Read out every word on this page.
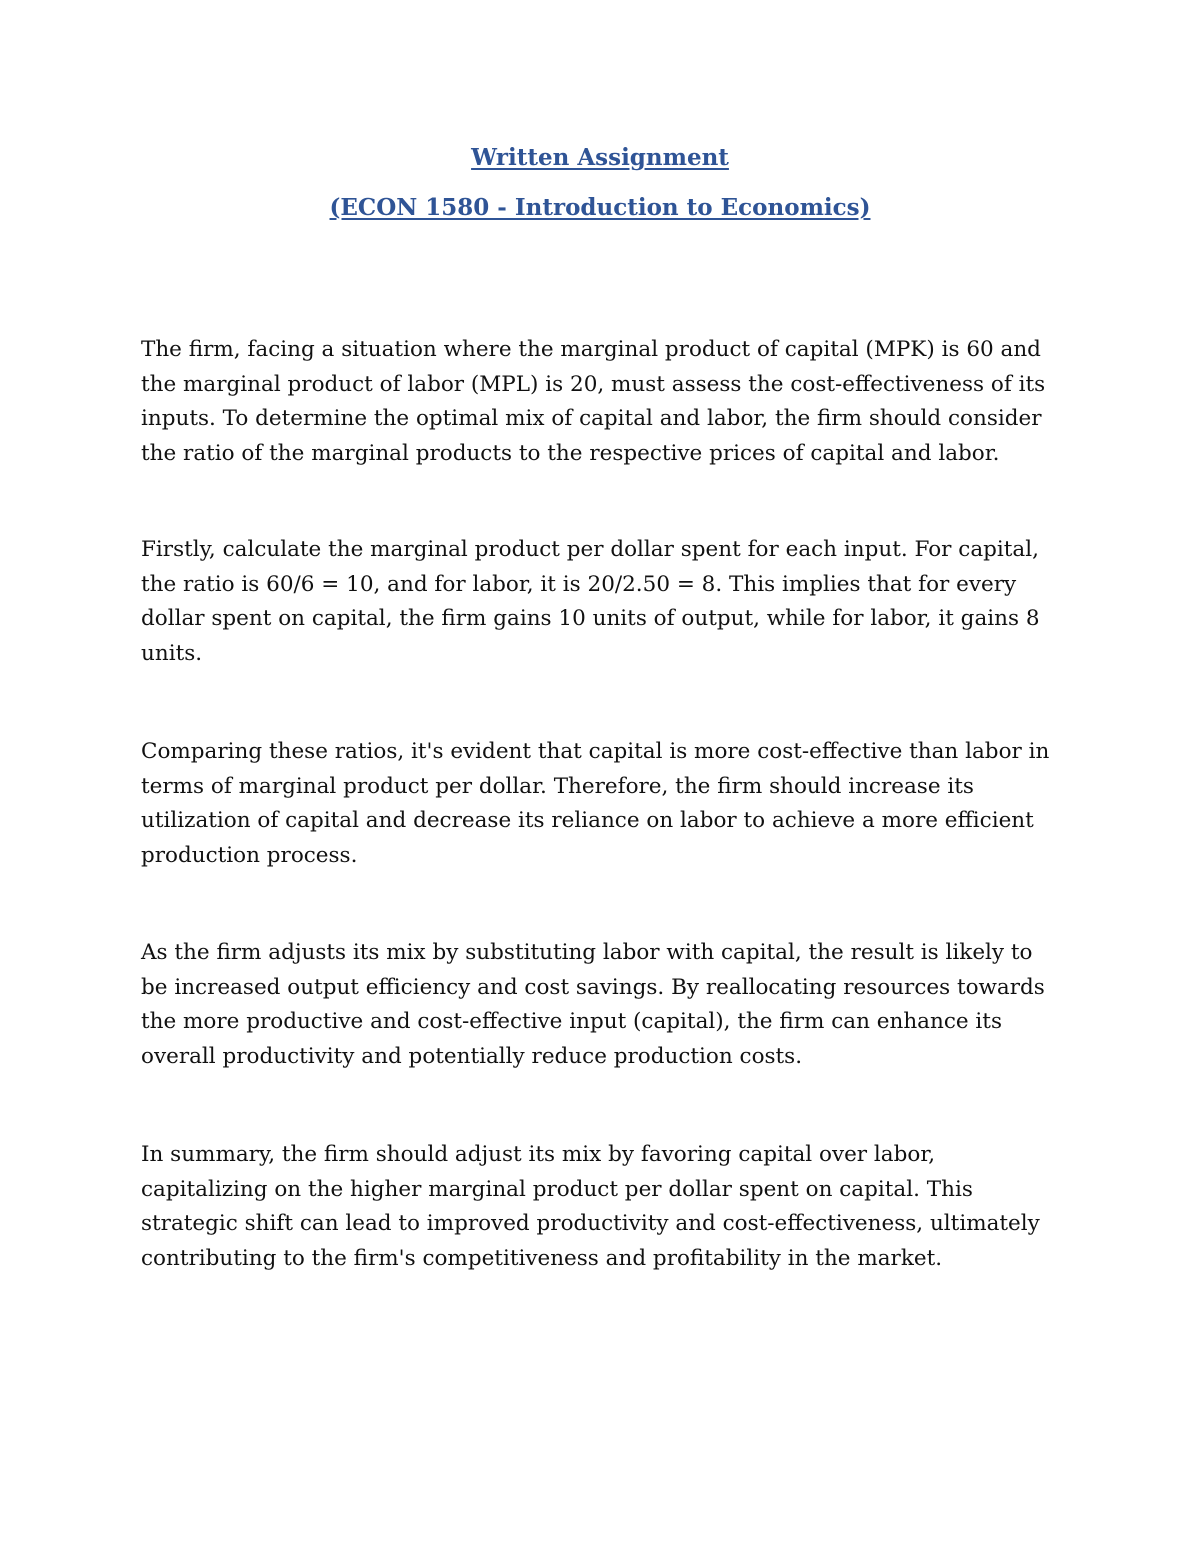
Written Assignment
(ECON 1580 - Introduction to Economics)
The firm, facing a situation where the marginal product of capital (MPK) is 60 and
the marginal product of labor (MPL) is 20, must assess the cost-effectiveness of its
inputs. To determine the optimal mix of capital and labor, the firm should consider
the ratio of the marginal products to the respective prices of capital and labor.
Firstly, calculate the marginal product per dollar spent for each input. For capital,
the ratio is 60/6 = 10, and for labor, it is 20/2.50 = 8. This implies that for every
dollar spent on capital, the firm gains 10 units of output, while for labor, it gains 8
units.
Comparing these ratios, it's evident that capital is more cost-effective than labor in
terms of marginal product per dollar. Therefore, the firm should increase its
utilization of capital and decrease its reliance on labor to achieve a more efficient
production process.
As the firm adjusts its mix by substituting labor with capital, the result is likely to
be increased output efficiency and cost savings. By reallocating resources towards
the more productive and cost-effective input (capital), the firm can enhance its
overall productivity and potentially reduce production costs.
In summary, the firm should adjust its mix by favoring capital over labor,
capitalizing on the higher marginal product per dollar spent on capital. This
strategic shift can lead to improved productivity and cost-effectiveness, ultimately
contributing to the firm's competitiveness and profitability in the market.
